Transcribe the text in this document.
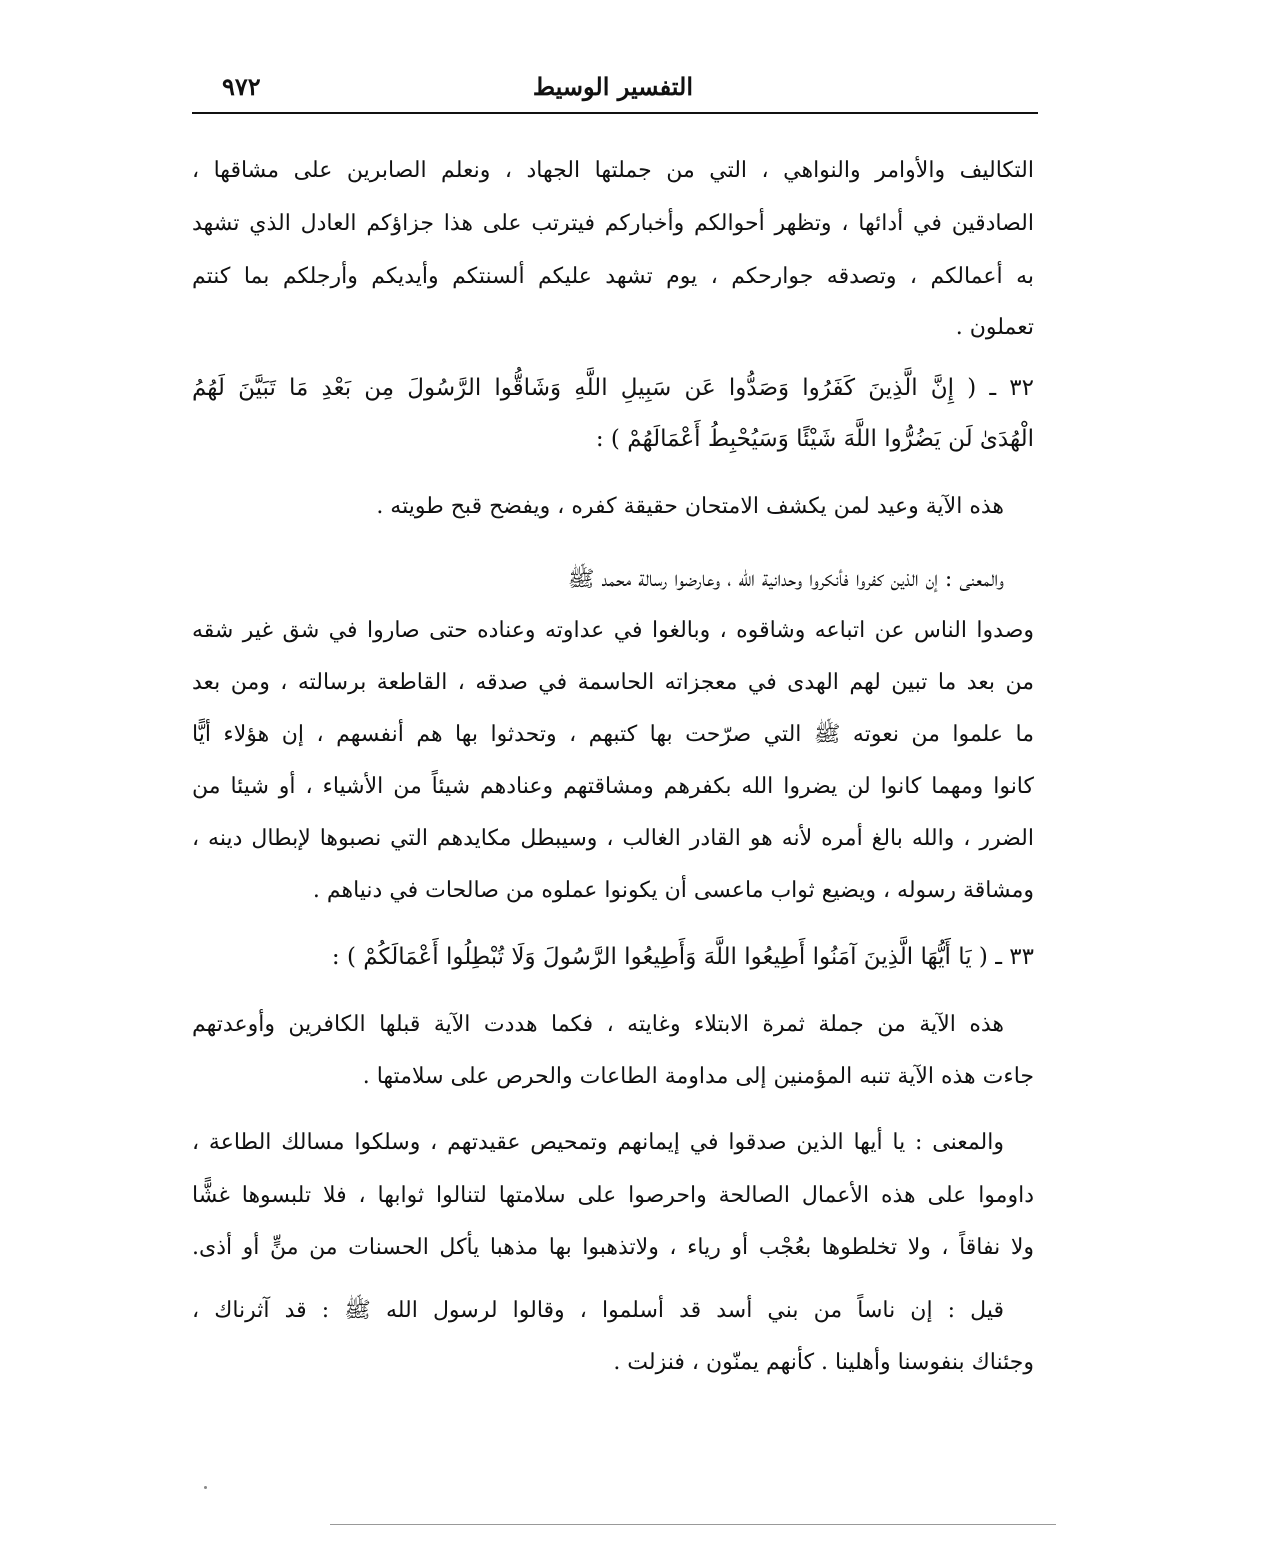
التفسير الوسيط
٩٧٢
التكاليف والأوامر والنواهي ، التي من جملتها الجهاد ، ونعلم الصابرين على مشاقها ،
الصادقين في أدائها ، وتظهر أحوالكم وأخباركم فيترتب على هذا جزاؤكم العادل الذي تشهد
به أعمالكم ، وتصدقه جوارحكم ، يوم تشهد عليكم ألسنتكم وأيديكم وأرجلكم بما كنتم
تعملون .
٣٢ ـ ( إِنَّ الَّذِينَ كَفَرُوا وَصَدُّوا عَن سَبِيلِ اللَّهِ وَشَاقُّوا الرَّسُولَ مِن بَعْدِ مَا تَبَيَّنَ لَهُمُ
الْهُدَىٰ لَن يَضُرُّوا اللَّهَ شَيْئًا وَسَيُحْبِطُ أَعْمَالَهُمْ ) :
هذه الآية وعيد لمن يكشف الامتحان حقيقة كفره ، ويفضح قبح طويته .
والمعنى : إن الذين كفروا فأنكروا وحدانية الله ، وعارضوا رسالة محمد ﷺ
وصدوا الناس عن اتباعه وشاقوه ، وبالغوا في عداوته وعناده حتى صاروا في شق غير شقه
من بعد ما تبين لهم الهدى في معجزاته الحاسمة في صدقه ، القاطعة برسالته ، ومن بعد
ما علموا من نعوته ﷺ التي صرّحت بها كتبهم ، وتحدثوا بها هم أنفسهم ، إن هؤلاء أيًّا
كانوا ومهما كانوا لن يضروا الله بكفرهم ومشاقتهم وعنادهم شيئاً من الأشياء ، أو شيئا من
الضرر ، والله بالغ أمره لأنه هو القادر الغالب ، وسيبطل مكايدهم التي نصبوها لإبطال دينه ،
ومشاقة رسوله ، ويضيع ثواب ماعسى أن يكونوا عملوه من صالحات في دنياهم .
٣٣ ـ ( يَا أَيُّهَا الَّذِينَ آمَنُوا أَطِيعُوا اللَّهَ وَأَطِيعُوا الرَّسُولَ وَلَا تُبْطِلُوا أَعْمَالَكُمْ ) :
هذه الآية من جملة ثمرة الابتلاء وغايته ، فكما هددت الآية قبلها الكافرين وأوعدتهم
جاءت هذه الآية تنبه المؤمنين إلى مداومة الطاعات والحرص على سلامتها .
والمعنى : يا أيها الذين صدقوا في إيمانهم وتمحيص عقيدتهم ، وسلكوا مسالك الطاعة ،
داوموا على هذه الأعمال الصالحة واحرصوا على سلامتها لتنالوا ثوابها ، فلا تلبسوها غشًّا
ولا نفاقاً ، ولا تخلطوها بعُجْب أو رياء ، ولاتذهبوا بها مذهبا يأكل الحسنات من منٍّ أو أذى.
قيل : إن ناساً من بني أسد قد أسلموا ، وقالوا لرسول الله ﷺ : قد آثرناك ،
وجئناك بنفوسنا وأهلينا . كأنهم يمنّون ، فنزلت .
